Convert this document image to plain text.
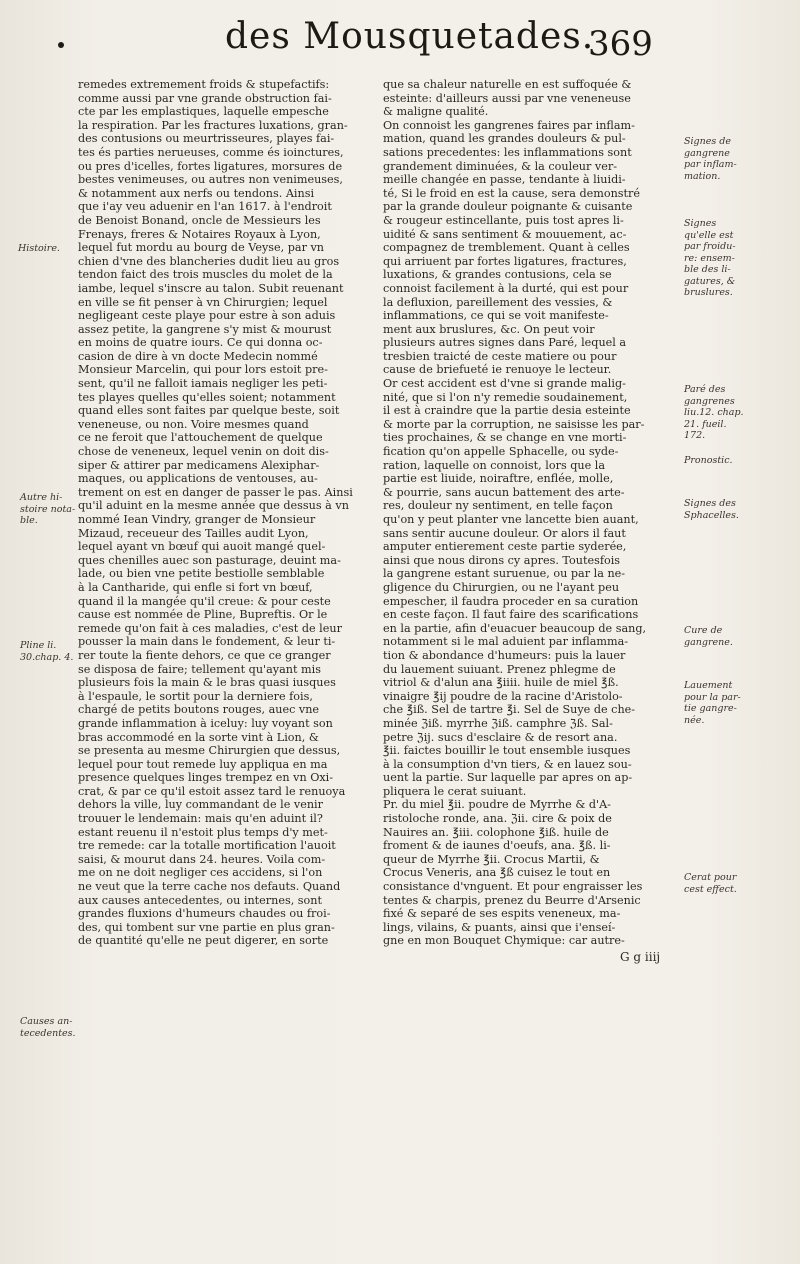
des Mousquetades.
369
remedes extremement froids & stupefactifs:
comme aussi par vne grande obstruction fai-
cte par les emplastiques, laquelle empesche
la respiration. Par les fractures luxations, gran-
des contusions ou meurtrisseures, playes fai-
tes és parties nerueuses, comme és ioinctures,
ou pres d'icelles, fortes ligatures, morsures de
bestes venimeuses, ou autres non venimeuses,
& notamment aux nerfs ou tendons. Ainsi
que i'ay veu aduenir en l'an 1617. à l'endroit
de Benoist Bonand, oncle de Messieurs les
Frenays, freres & Notaires Royaux à Lyon,
lequel fut mordu au bourg de Veyse, par vn
chien d'vne des blancheries dudit lieu au gros
tendon faict des trois muscles du molet de la
iambe, lequel s'inscre au talon. Subit reuenant
en ville se fit penser à vn Chirurgien; lequel
negligeant ceste playe pour estre à son aduis
assez petite, la gangrene s'y mist & mourust
en moins de quatre iours. Ce qui donna oc-
casion de dire à vn docte Medecin nommé
Monsieur Marcelin, qui pour lors estoit pre-
sent, qu'il ne falloit iamais negliger les peti-
tes playes quelles qu'elles soient; notamment
quand elles sont faites par quelque beste, soit
veneneuse, ou non. Voire mesmes quand
ce ne feroit que l'attouchement de quelque
chose de veneneux, lequel venin on doit dis-
siper & attirer par medicamens Alexiphar-
maques, ou applications de ventouses, au-
trement on est en danger de passer le pas. Ainsi
qu'il aduint en la mesme année que dessus à vn
nommé Iean Vindry, granger de Monsieur
Mizaud, receueur des Tailles audit Lyon,
lequel ayant vn bœuf qui auoit mangé quel-
ques chenilles auec son pasturage, deuint ma-
lade, ou bien vne petite bestiolle semblable
à la Cantharide, qui enfle si fort vn bœuf,
quand il la mangée qu'il creue: & pour ceste
cause est nommée de Pline, Bupreftis. Or le
remede qu'on fait à ces maladies, c'est de leur
pousser la main dans le fondement, & leur ti-
rer toute la fiente dehors, ce que ce granger
se disposa de faire; tellement qu'ayant mis
plusieurs fois la main & le bras quasi iusques
à l'espaule, le sortit pour la derniere fois,
chargé de petits boutons rouges, auec vne
grande inflammation à iceluy: luy voyant son
bras accommodé en la sorte vint à Lion, &
se presenta au mesme Chirurgien que dessus,
lequel pour tout remede luy appliqua en ma
presence quelques linges trempez en vn Oxi-
crat, & par ce qu'il estoit assez tard le renuoya
dehors la ville, luy commandant de le venir
trouuer le lendemain: mais qu'en aduint il?
estant reuenu il n'estoit plus temps d'y met-
tre remede: car la totalle mortification l'auoit
saisi, & mourut dans 24. heures. Voila com-
me on ne doit negliger ces accidens, si l'on
ne veut que la terre cache nos defauts. Quand
aux causes antecedentes, ou internes, sont
grandes fluxions d'humeurs chaudes ou froi-
des, qui tombent sur vne partie en plus gran-
de quantité qu'elle ne peut digerer, en sorte
que sa chaleur naturelle en est suffoquée &
esteinte: d'ailleurs aussi par vne veneneuse
& maligne qualité.
On connoist les gangrenes faires par inflam-
mation, quand les grandes douleurs & pul-
sations precedentes: les inflammations sont
grandement diminuées, & la couleur ver-
meille changée en passe, tendante à liuidi-
té, Si le froid en est la cause, sera demonstré
par la grande douleur poignante & cuisante
& rougeur estincellante, puis tost apres li-
uidité & sans sentiment & mouuement, ac-
compagnez de tremblement. Quant à celles
qui arriuent par fortes ligatures, fractures,
luxations, & grandes contusions, cela se
connoist facilement à la durté, qui est pour
la defluxion, pareillement des vessies, &
inflammations, ce qui se voit manifeste-
ment aux bruslures, &c. On peut voir
plusieurs autres signes dans Paré, lequel a
tresbien traicté de ceste matiere ou pour
cause de briefueté ie renuoye le lecteur.
Or cest accident est d'vne si grande malig-
nité, que si l'on n'y remedie soudainement,
il est à craindre que la partie desia esteinte
& morte par la corruption, ne saisisse les par-
ties prochaines, & se change en vne morti-
fication qu'on appelle Sphacelle, ou syde-
ration, laquelle on connoist, lors que la
partie est liuide, noiraftre, enflée, molle,
& pourrie, sans aucun battement des arte-
res, douleur ny sentiment, en telle façon
qu'on y peut planter vne lancette bien auant,
sans sentir aucune douleur. Or alors il faut
amputer entierement ceste partie syderée,
ainsi que nous dirons cy apres. Toutesfois
la gangrene estant suruenue, ou par la ne-
gligence du Chirurgien, ou ne l'ayant peu
empescher, il faudra proceder en sa curation
en ceste façon. Il faut faire des scarifications
en la partie, afin d'euacuer beaucoup de sang,
notamment si le mal aduient par inflamma-
tion & abondance d'humeurs: puis la lauer
du lauement suiuant. Prenez phlegme de
vitriol & d'alun ana ℥iiii. huile de miel ℥ß.
vinaigre ℥ij poudre de la racine d'Aristolo-
che ℥iß. Sel de tartre ℥i. Sel de Suye de che-
minée ℨiß. myrrhe ℨiß. camphre ℨß. Sal-
petre ℨij. sucs d'esclaire & de resort ana.
℥ii. faictes bouillir le tout ensemble iusques
à la consumption d'vn tiers, & en lauez sou-
uent la partie. Sur laquelle par apres on ap-
pliquera le cerat suiuant.
Pr. du miel ℥ii. poudre de Myrrhe & d'A-
ristoloche ronde, ana. ℨii. cire & poix de
Nauires an. ℥iii. colophone ℥iß. huile de
froment & de iaunes d'oeufs, ana. ℥ß. li-
queur de Myrrhe ℥ii. Crocus Martii, &
Crocus Veneris, ana ℥ß cuisez le tout en
consistance d'vnguent. Et pour engraisser les
tentes & charpis, prenez du Beurre d'Arsenic
fixé & separé de ses espits veneneux, ma-
lings, vilains, & puants, ainsi que i'enseí-
gne en mon Bouquet Chymique: car autre-
Histoire.
Autre hi-
stoire nota-
ble.
Pline li.
30.chap. 4.
Causes an-
tecedentes.
Signes de
gangrene
par inflam-
mation.
Signes
qu'elle est
par froidu-
re: ensem-
ble des li-
gatures, &
bruslures.
Paré des
gangrenes
liu.12. chap.
21. fueil.
172.
Pronostic.
Signes des
Sphacelles.
Cure de
gangrene.
Lauement
pour la par-
tie gangre-
née.
Cerat pour
cest effect.
G g iiij
